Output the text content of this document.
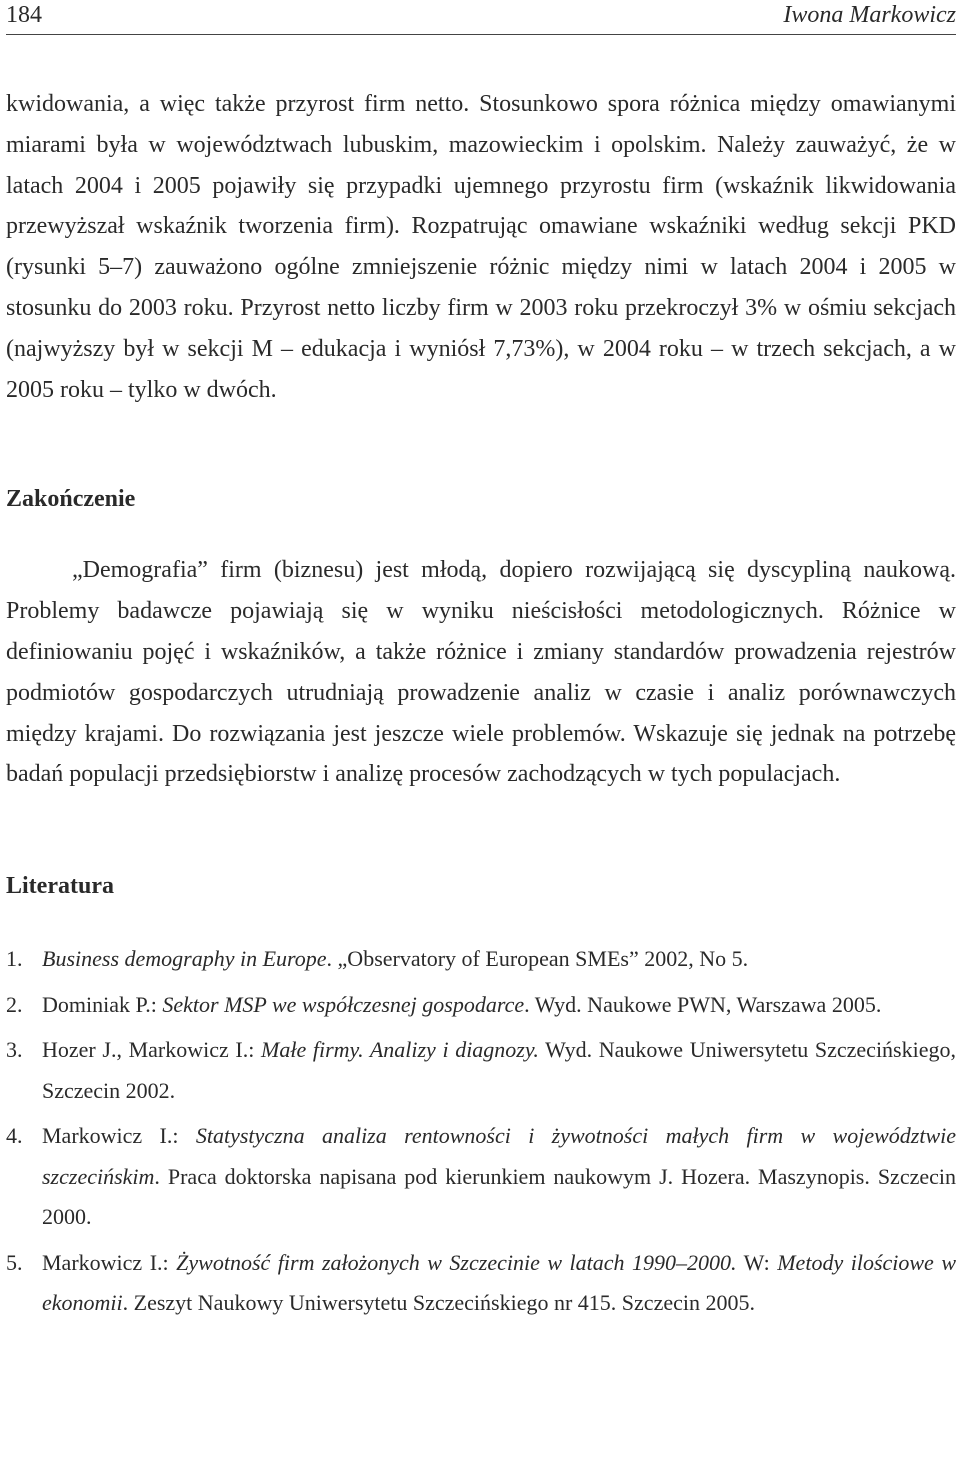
184	Iwona Markowicz

kwidowania, a więc także przyrost firm netto. Stosunkowo spora różnica między omawianymi miarami była w województwach lubuskim, mazowieckim i opolskim. Należy zauważyć, że w latach 2004 i 2005 pojawiły się przypadki ujemnego przyrostu firm (wskaźnik likwidowania przewyższał wskaźnik tworzenia firm). Rozpatrując omawiane wskaźniki według sekcji PKD (rysunki 5–7) zauważono ogólne zmniejszenie różnic między nimi w latach 2004 i 2005 w stosunku do 2003 roku. Przyrost netto liczby firm w 2003 roku przekroczył 3% w ośmiu sekcjach (najwyższy był w sekcji M – edukacja i wyniósł 7,73%), w 2004 roku – w trzech sekcjach, a w 2005 roku – tylko w dwóch.

Zakończenie

„Demografia” firm (biznesu) jest młodą, dopiero rozwijającą się dyscypliną naukową. Problemy badawcze pojawiają się w wyniku nieścisłości metodologicznych. Różnice w definiowaniu pojęć i wskaźników, a także różnice i zmiany standardów prowadzenia rejestrów podmiotów gospodarczych utrudniają prowadzenie analiz w czasie i analiz porównawczych między krajami. Do rozwiązania jest jeszcze wiele problemów. Wskazuje się jednak na potrzebę badań populacji przedsiębiorstw i analizę procesów zachodzących w tych populacjach.

Literatura
1. Business demography in Europe. „Observatory of European SMEs” 2002, No 5.
2. Dominiak P.: Sektor MSP we współczesnej gospodarce. Wyd. Naukowe PWN, Warszawa 2005.
3. Hozer J., Markowicz I.: Małe firmy. Analizy i diagnozy. Wyd. Naukowe Uniwersytetu Szczecińskiego, Szczecin 2002.
4. Markowicz I.: Statystyczna analiza rentowności i żywotności małych firm w województwie szczecińskim. Praca doktorska napisana pod kierunkiem naukowym J. Hozera. Maszynopis. Szczecin 2000.
5. Markowicz I.: Żywotność firm założonych w Szczecinie w latach 1990–2000. W: Metody ilościowe w ekonomii. Zeszyt Naukowy Uniwersytetu Szczecińskiego nr 415. Szczecin 2005.
